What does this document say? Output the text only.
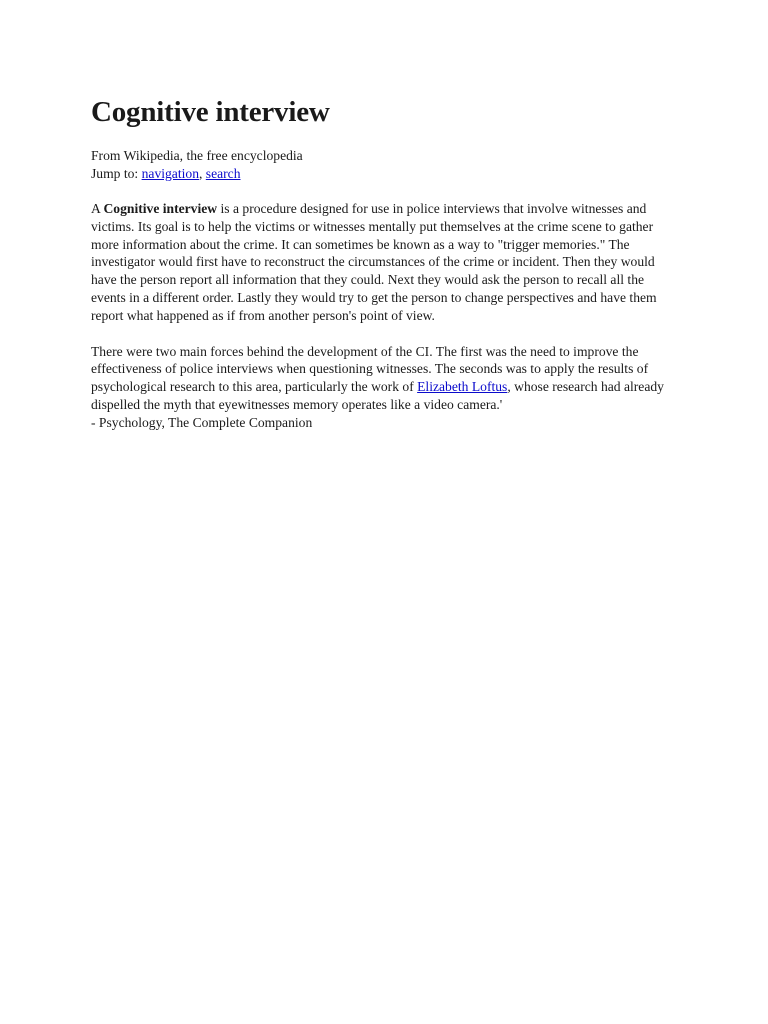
Cognitive interview
From Wikipedia, the free encyclopedia
Jump to: navigation, search

A Cognitive interview is a procedure designed for use in police interviews that involve witnesses and victims. Its goal is to help the victims or witnesses mentally put themselves at the crime scene to gather more information about the crime. It can sometimes be known as a way to "trigger memories." The investigator would first have to reconstruct the circumstances of the crime or incident. Then they would have the person report all information that they could. Next they would ask the person to recall all the events in a different order. Lastly they would try to get the person to change perspectives and have them report what happened as if from another person's point of view.

There were two main forces behind the development of the CI. The first was the need to improve the effectiveness of police interviews when questioning witnesses. The seconds was to apply the results of psychological research to this area, particularly the work of Elizabeth Loftus, whose research had already dispelled the myth that eyewitnesses memory operates like a video camera.'
- Psychology, The Complete Companion
